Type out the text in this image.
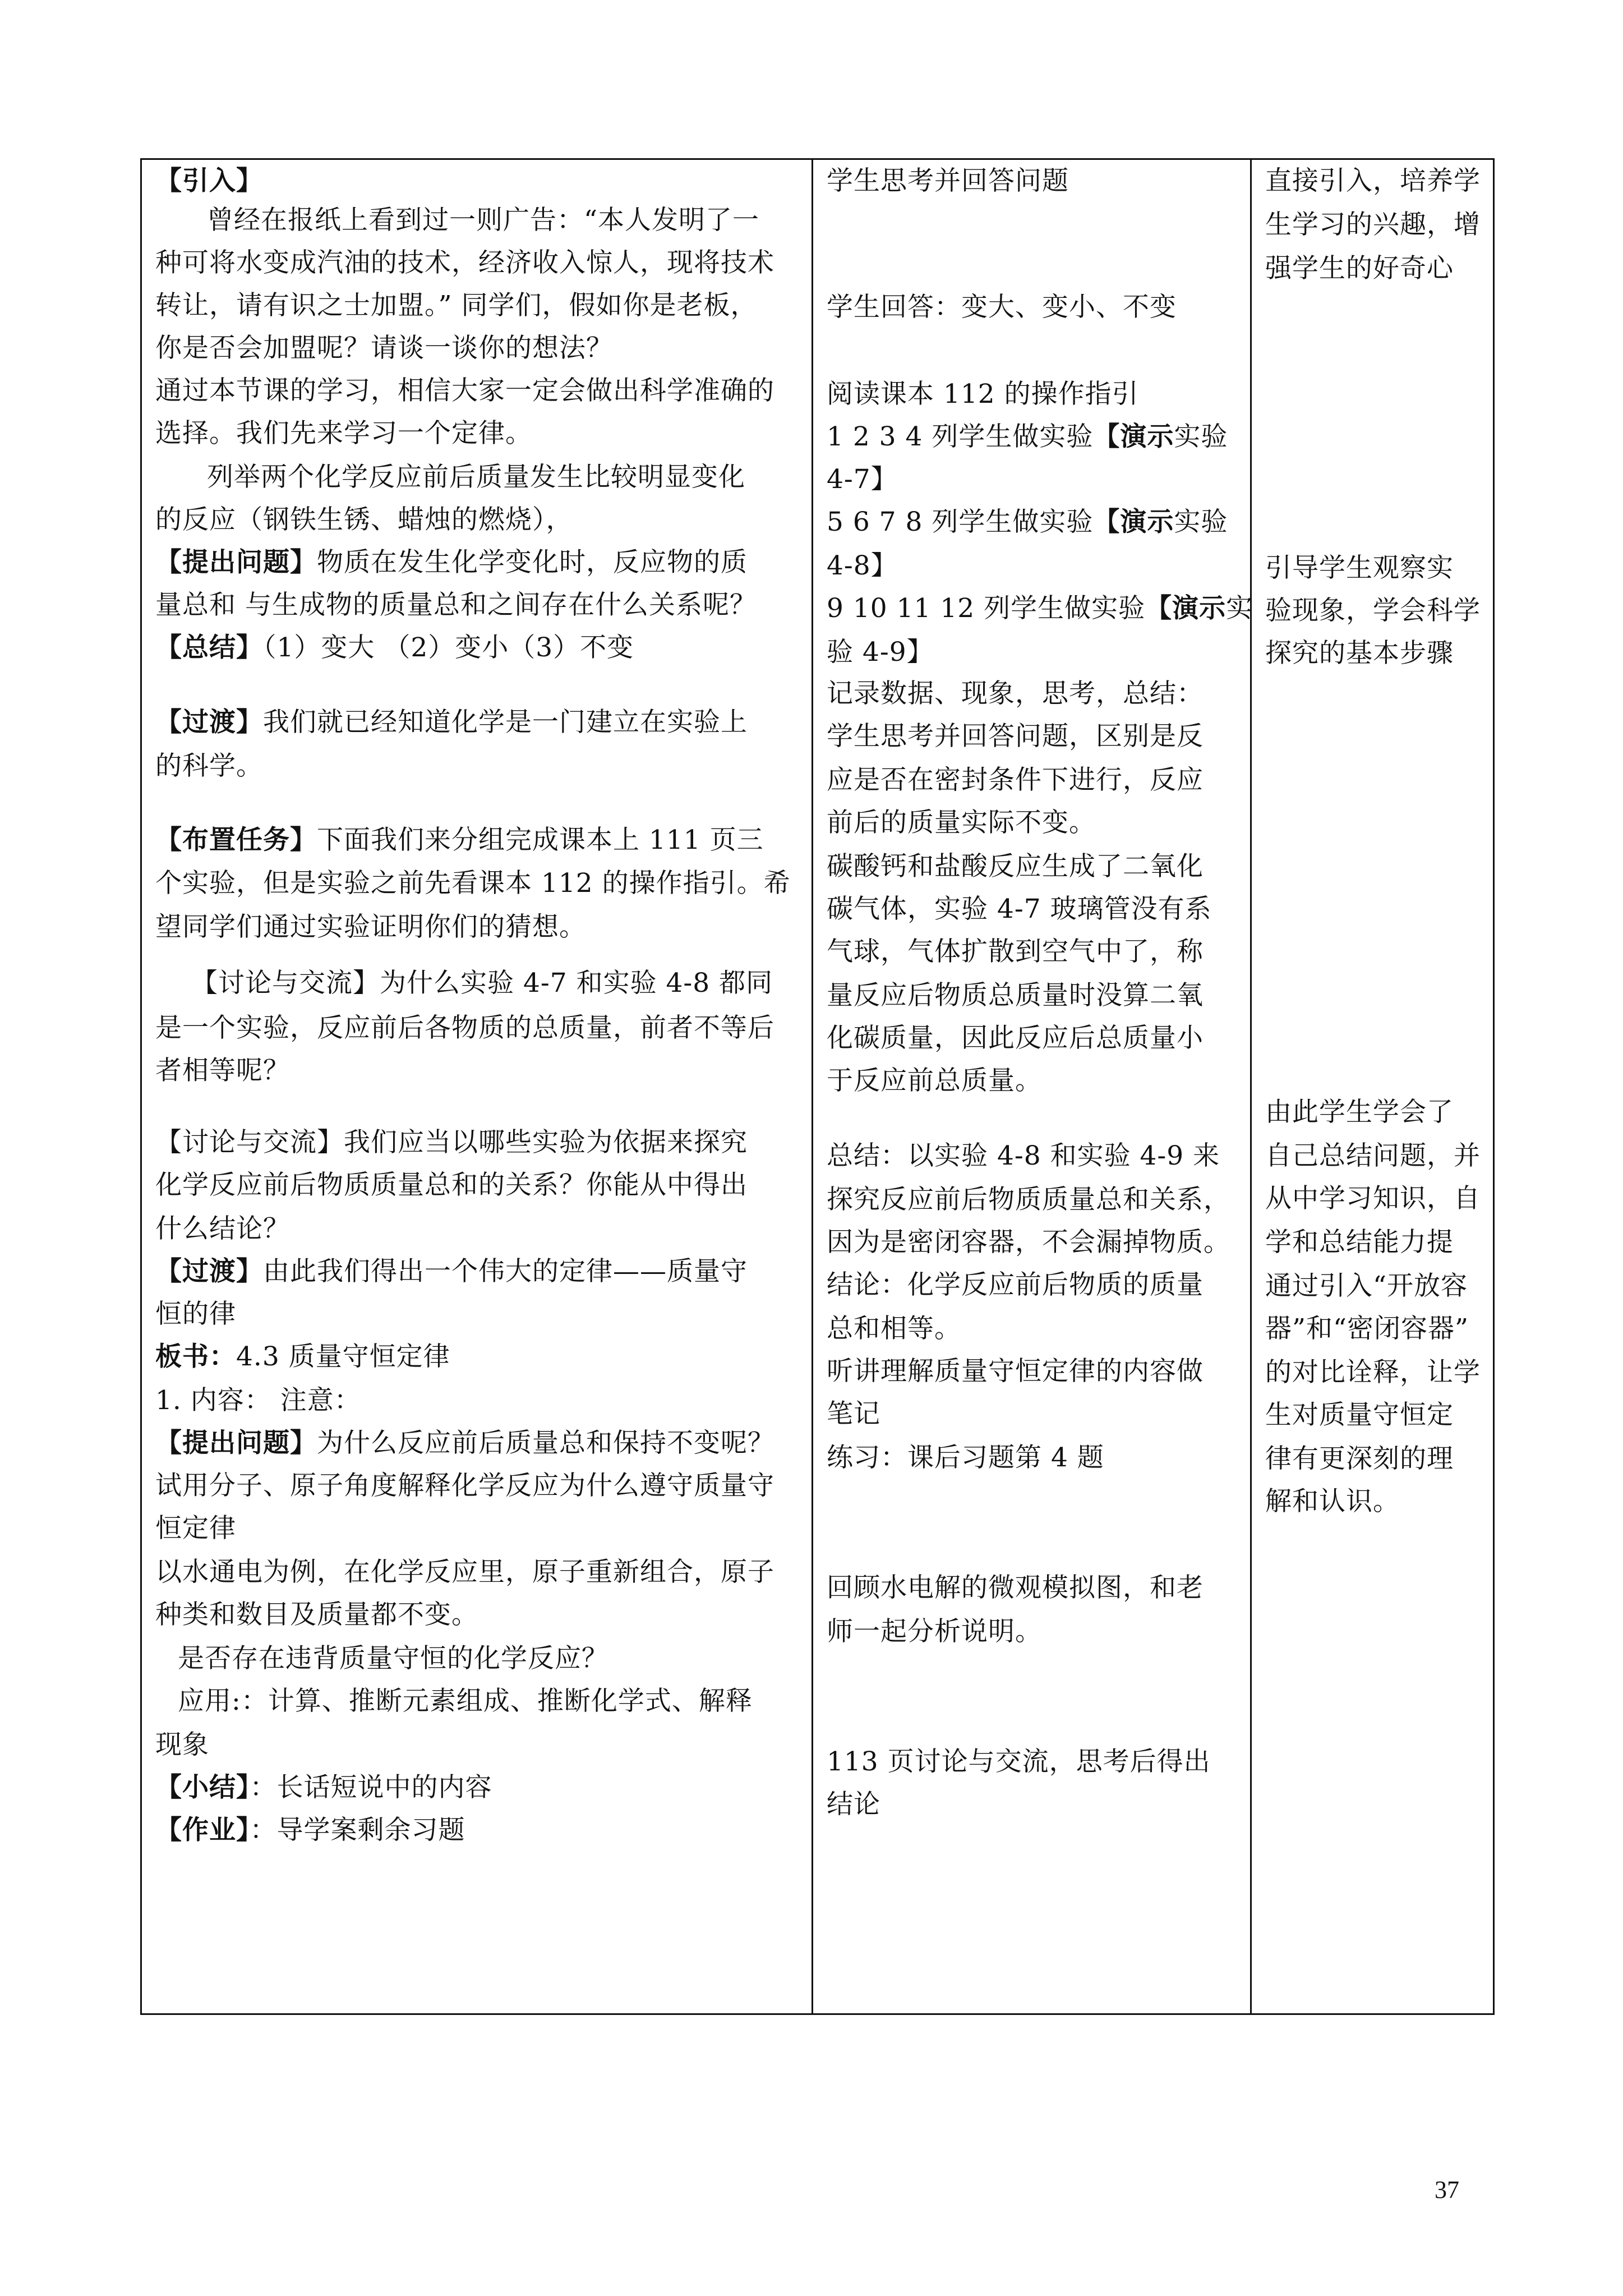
【引入】
曾经在报纸上看到过一则广告：“本人发明了一
种可将水变成汽油的技术，经济收入惊人，现将技术
转让，请有识之士加盟。” 同学们，假如你是老板，
你是否会加盟呢？请谈一谈你的想法？
通过本节课的学习，相信大家一定会做出科学准确的
选择。我们先来学习一个定律。
列举两个化学反应前后质量发生比较明显变化
的反应（钢铁生锈、蜡烛的燃烧），
【提出问题】物质在发生化学变化时，反应物的质
量总和 与生成物的质量总和之间存在什么关系呢？
【总结】（1）变大 （2）变小（3）不变
【过渡】我们就已经知道化学是一门建立在实验上
的科学。
【布置任务】下面我们来分组完成课本上 111 页三
个实验，但是实验之前先看课本 112 的操作指引。希
望同学们通过实验证明你们的猜想。
【讨论与交流】为什么实验 4-7 和实验 4-8 都同
是一个实验，反应前后各物质的总质量，前者不等后
者相等呢？
【讨论与交流】我们应当以哪些实验为依据来探究
化学反应前后物质质量总和的关系？你能从中得出
什么结论？
【过渡】由此我们得出一个伟大的定律——质量守
恒的律
板书：4.3 质量守恒定律
1. 内容： 注意：
【提出问题】为什么反应前后质量总和保持不变呢？
试用分子、原子角度解释化学反应为什么遵守质量守
恒定律
以水通电为例，在化学反应里，原子重新组合，原子
种类和数目及质量都不变。
是否存在违背质量守恒的化学反应？
应用:：计算、推断元素组成、推断化学式、解释
现象
【小结】：长话短说中的内容
【作业】：导学案剩余习题

学生思考并回答问题
学生回答：变大、变小、不变
阅读课本 112 的操作指引
1 2 3 4 列学生做实验【演示实验
4-7】
5 6 7 8 列学生做实验【演示实验
4-8】
9 10 11 12 列学生做实验【演示实
验 4-9】
记录数据、现象，思考，总结：
学生思考并回答问题，区别是反
应是否在密封条件下进行，反应
前后的质量实际不变。
碳酸钙和盐酸反应生成了二氧化
碳气体，实验 4-7 玻璃管没有系
气球，气体扩散到空气中了，称
量反应后物质总质量时没算二氧
化碳质量，因此反应后总质量小
于反应前总质量。
总结：以实验 4-8 和实验 4-9 来
探究反应前后物质质量总和关系，
因为是密闭容器，不会漏掉物质。
结论：化学反应前后物质的质量
总和相等。
听讲理解质量守恒定律的内容做
笔记
练习：课后习题第 4 题
回顾水电解的微观模拟图，和老
师一起分析说明。
113 页讨论与交流，思考后得出
结论

直接引入，培养学
生学习的兴趣，增
强学生的好奇心
引导学生观察实
验现象，学会科学
探究的基本步骤
由此学生学会了
自己总结问题，并
从中学习知识，自
学和总结能力提
通过引入“开放容
器”和“密闭容器”
的对比诠释，让学
生对质量守恒定
律有更深刻的理
解和认识。
37
